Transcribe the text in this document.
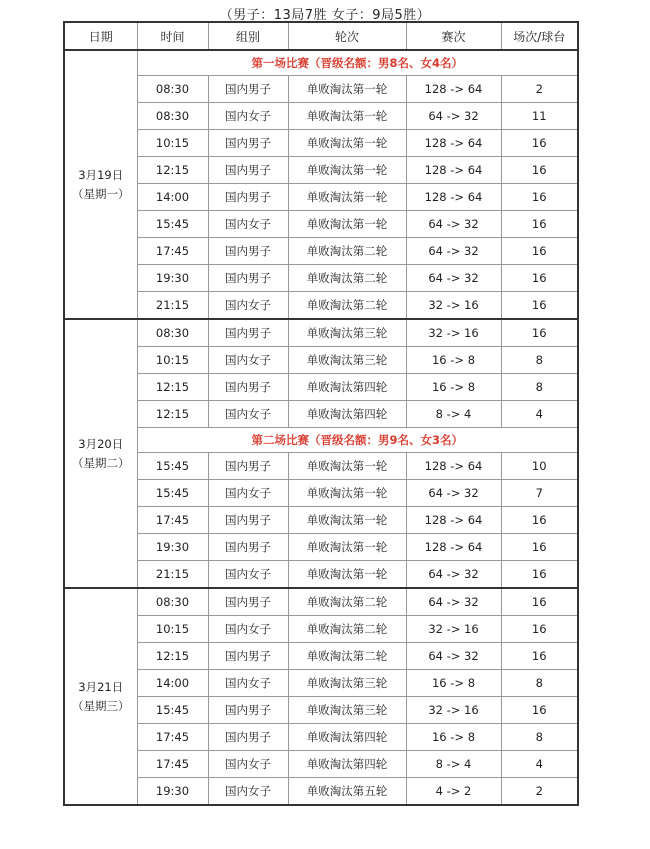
（男子：13局7胜 女子：9局5胜）
日期	时间	组别	轮次	赛次	场次/球台

3月19日
（星期一）	第一场比赛（晋级名额：男8名、女4名）				
	08:30	国内男子	单败淘汰第一轮	128 -> 64	2
	08:30	国内女子	单败淘汰第一轮	64 -> 32	11
	10:15	国内男子	单败淘汰第一轮	128 -> 64	16
	12:15	国内男子	单败淘汰第一轮	128 -> 64	16
	14:00	国内男子	单败淘汰第一轮	128 -> 64	16
	15:45	国内女子	单败淘汰第一轮	64 -> 32	16
	17:45	国内男子	单败淘汰第二轮	64 -> 32	16
	19:30	国内男子	单败淘汰第二轮	64 -> 32	16
	21:15	国内女子	单败淘汰第二轮	32 -> 16	16

3月20日
（星期二）	08:30	国内男子	单败淘汰第三轮	32 -> 16	16
	10:15	国内女子	单败淘汰第三轮	16 -> 8	8
	12:15	国内男子	单败淘汰第四轮	16 -> 8	8
	12:15	国内女子	单败淘汰第四轮	8 -> 4	4
	第二场比赛（晋级名额：男9名、女3名）				
	15:45	国内男子	单败淘汰第一轮	128 -> 64	10
	15:45	国内女子	单败淘汰第一轮	64 -> 32	7
	17:45	国内男子	单败淘汰第一轮	128 -> 64	16
	19:30	国内男子	单败淘汰第一轮	128 -> 64	16
	21:15	国内女子	单败淘汰第一轮	64 -> 32	16

3月21日
（星期三）	08:30	国内男子	单败淘汰第二轮	64 -> 32	16
	10:15	国内女子	单败淘汰第二轮	32 -> 16	16
	12:15	国内男子	单败淘汰第二轮	64 -> 32	16
	14:00	国内女子	单败淘汰第三轮	16 -> 8	8
	15:45	国内男子	单败淘汰第三轮	32 -> 16	16
	17:45	国内男子	单败淘汰第四轮	16 -> 8	8
	17:45	国内女子	单败淘汰第四轮	8 -> 4	4
	19:30	国内女子	单败淘汰第五轮	4 -> 2	2
